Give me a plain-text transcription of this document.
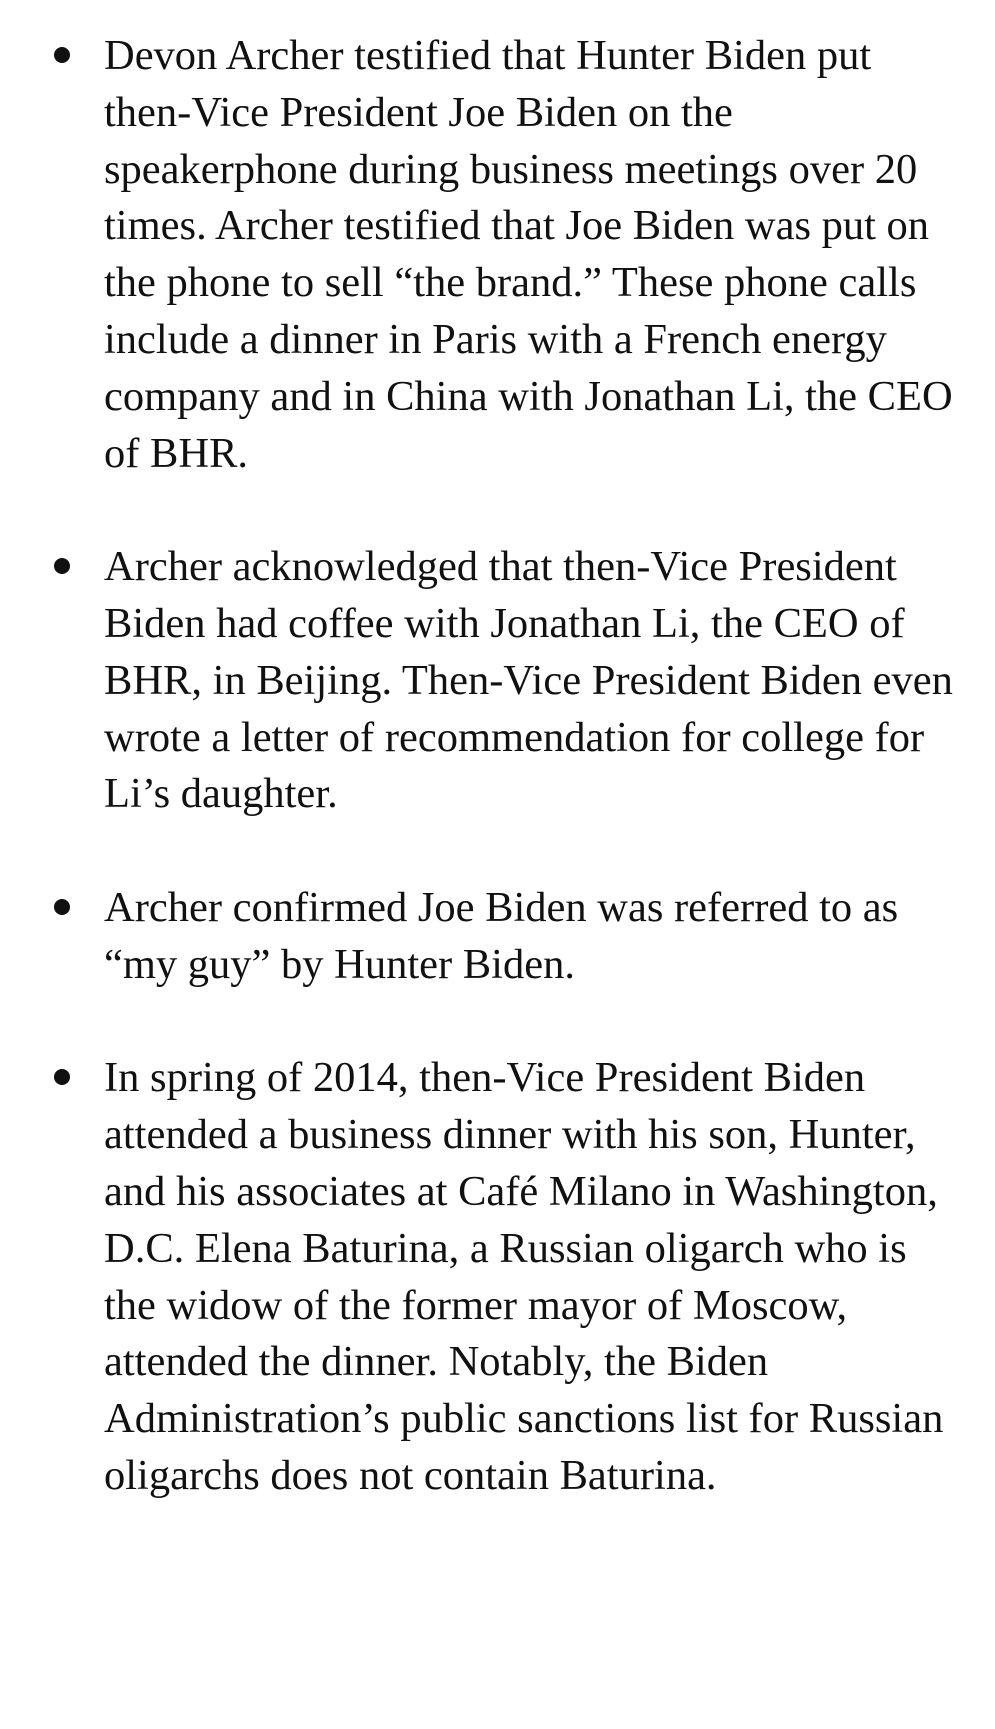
Devon Archer testified that Hunter Biden put then-Vice President Joe Biden on the speakerphone during business meetings over 20 times. Archer testified that Joe Biden was put on the phone to sell “the brand.” These phone calls include a dinner in Paris with a French energy company and in China with Jonathan Li, the CEO of BHR.
Archer acknowledged that then-Vice President Biden had coffee with Jonathan Li, the CEO of BHR, in Beijing. Then-Vice President Biden even wrote a letter of recommendation for college for Li’s daughter.
Archer confirmed Joe Biden was referred to as “my guy” by Hunter Biden.
In spring of 2014, then-Vice President Biden attended a business dinner with his son, Hunter, and his associates at Café Milano in Washington, D.C. Elena Baturina, a Russian oligarch who is the widow of the former mayor of Moscow, attended the dinner. Notably, the Biden Administration’s public sanctions list for Russian oligarchs does not contain Baturina.
